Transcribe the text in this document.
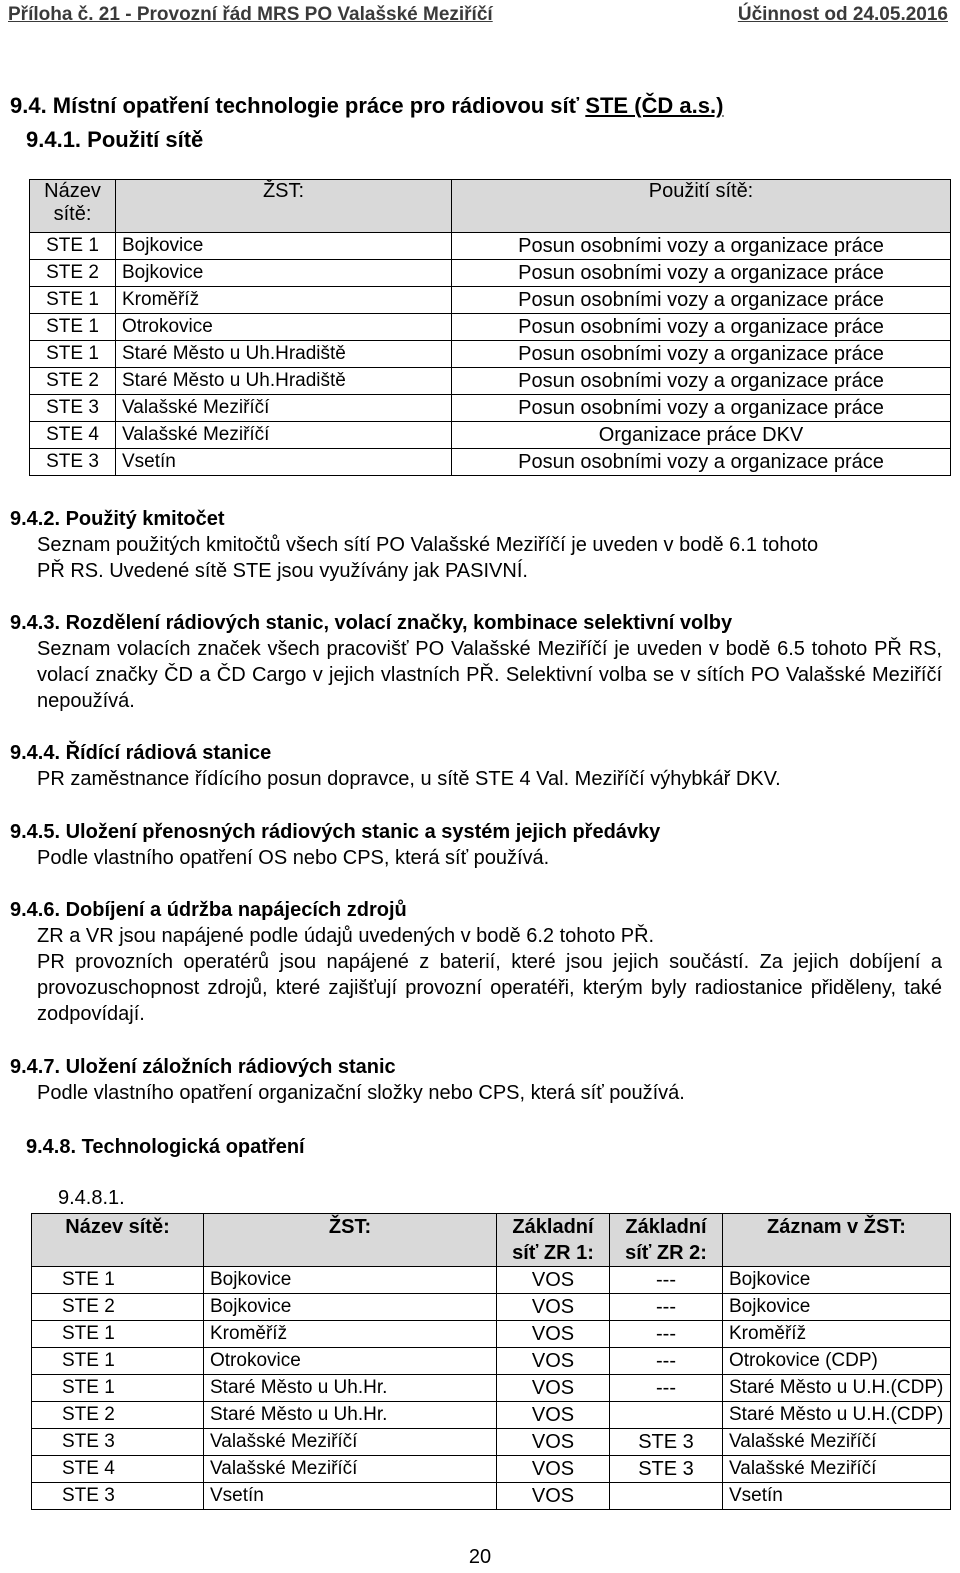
Příloha č. 21 - Provozní řád MRS PO Valašské Meziříčí	Účinnost od 24.05.2016
9.4. Místní opatření technologie práce pro rádiovou síť STE (ČD a.s.)
9.4.1. Použití sítě
Název sítě:	ŽST:	Použití sítě:
STE 1	Bojkovice	Posun osobními vozy a organizace práce
STE 2	Bojkovice	Posun osobními vozy a organizace práce
STE 1	Kroměříž	Posun osobními vozy a organizace práce
STE 1	Otrokovice	Posun osobními vozy a organizace práce
STE 1	Staré Město u Uh.Hradiště	Posun osobními vozy a organizace práce
STE 2	Staré Město u Uh.Hradiště	Posun osobními vozy a organizace práce
STE 3	Valašské Meziříčí	Posun osobními vozy a organizace práce
STE 4	Valašské Meziříčí	Organizace práce DKV
STE 3	Vsetín	Posun osobními vozy a organizace práce
9.4.2. Použitý kmitočet
Seznam použitých kmitočtů všech sítí PO Valašské Meziříčí je uveden v bodě 6.1 tohoto
PŘ RS. Uvedené sítě STE jsou využívány jak PASIVNÍ.
9.4.3. Rozdělení rádiových stanic, volací značky, kombinace selektivní volby
Seznam volacích značek všech pracovišť PO Valašské Meziříčí je uveden v bodě 6.5 tohoto PŘ RS, volací značky ČD a ČD Cargo v jejich vlastních PŘ. Selektivní volba se v sítích PO Valašské Meziříčí nepoužívá.
9.4.4. Řídící rádiová stanice
PR zaměstnance řídícího posun dopravce, u sítě STE 4 Val. Meziříčí výhybkář DKV.
9.4.5. Uložení přenosných rádiových stanic a systém jejich předávky
Podle vlastního opatření OS nebo CPS, která síť používá.
9.4.6. Dobíjení a údržba napájecích zdrojů
ZR a VR jsou napájené podle údajů uvedených v bodě 6.2 tohoto PŘ.
PR provozních operatérů jsou napájené z baterií, které jsou jejich součástí. Za jejich dobíjení a provozuschopnost zdrojů, které zajišťují provozní operatéři, kterým byly radiostanice přiděleny, také zodpovídají.
9.4.7. Uložení záložních rádiových stanic
Podle vlastního opatření organizační složky nebo CPS, která síť používá.
9.4.8. Technologická opatření
9.4.8.1.
Název sítě:	ŽST:	Základní síť ZR 1:	Základní síť ZR 2:	Záznam v ŽST:
STE 1	Bojkovice	VOS	---	Bojkovice
STE 2	Bojkovice	VOS	---	Bojkovice
STE 1	Kroměříž	VOS	---	Kroměříž
STE 1	Otrokovice	VOS	---	Otrokovice (CDP)
STE 1	Staré Město u Uh.Hr.	VOS	---	Staré Město u U.H.(CDP)
STE 2	Staré Město u Uh.Hr.	VOS		Staré Město u U.H.(CDP)
STE 3	Valašské Meziříčí	VOS	STE 3	Valašské Meziříčí
STE 4	Valašské Meziříčí	VOS	STE 3	Valašské Meziříčí
STE 3	Vsetín	VOS		Vsetín
20
